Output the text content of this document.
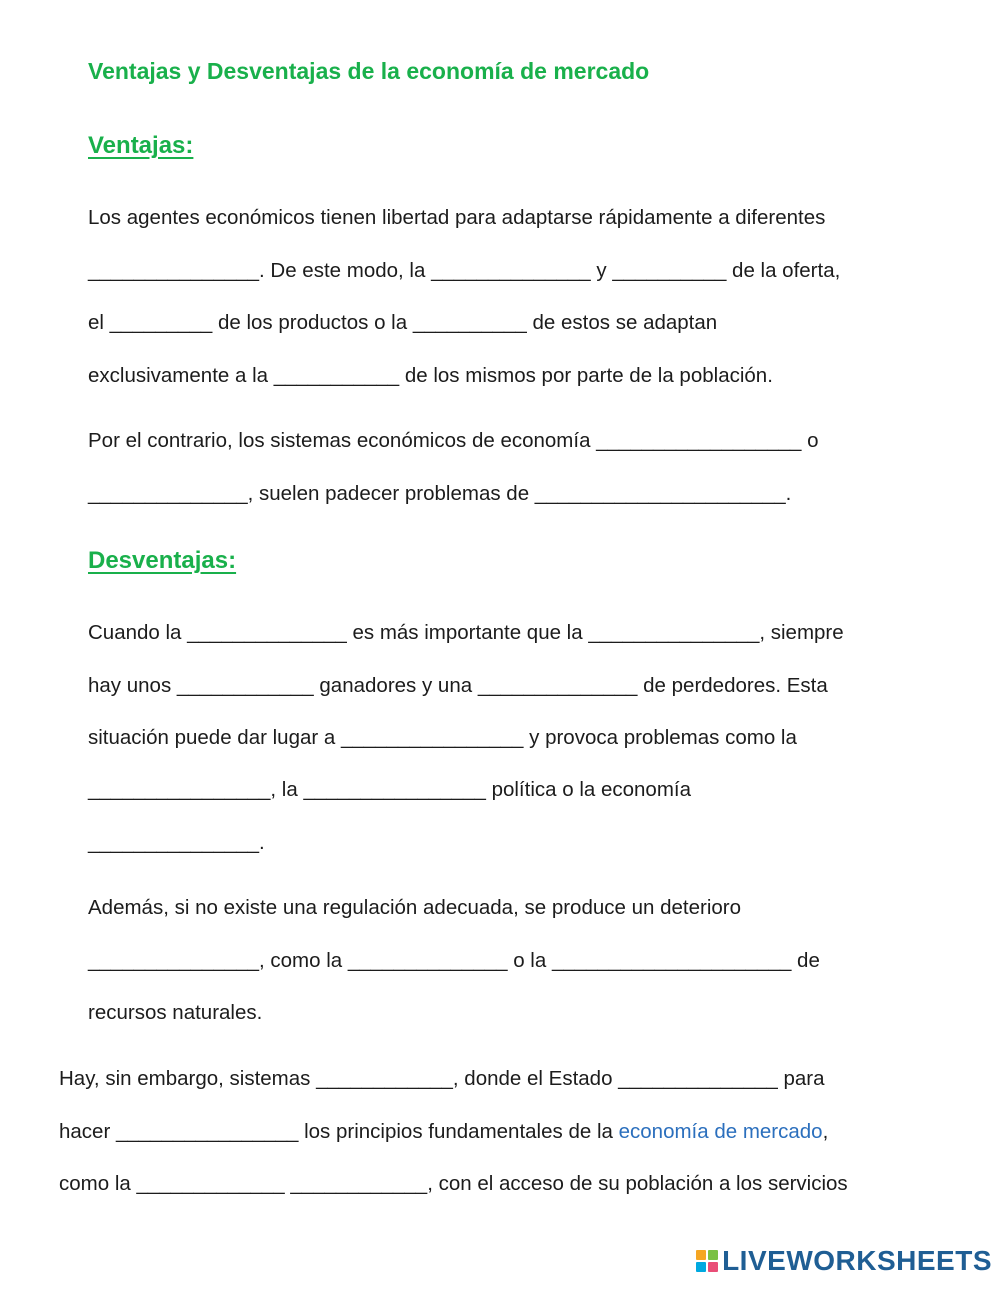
Ventajas y Desventajas de la economía de mercado
Ventajas:
Los agentes económicos tienen libertad para adaptarse rápidamente a diferentes
_______________. De este modo, la ______________ y __________ de la oferta,
el _________ de los productos o la __________ de estos se adaptan
exclusivamente a la ___________ de los mismos por parte de la población.
Por el contrario, los sistemas económicos de economía __________________ o
______________, suelen padecer problemas de ______________________.
Desventajas:
Cuando la ______________ es más importante que la _______________, siempre
hay unos ____________ ganadores y una ______________ de perdedores. Esta
situación puede dar lugar a ________________ y provoca problemas como la
________________, la ________________ política o la economía
_______________.
Además, si no existe una regulación adecuada, se produce un deterioro
_______________, como la ______________ o la _____________________ de
recursos naturales.
Hay, sin embargo, sistemas ____________, donde el Estado ______________ para
hacer ________________ los principios fundamentales de la economía de mercado,
como la _____________ ____________, con el acceso de su población a los servicios
LIVEWORKSHEETS
